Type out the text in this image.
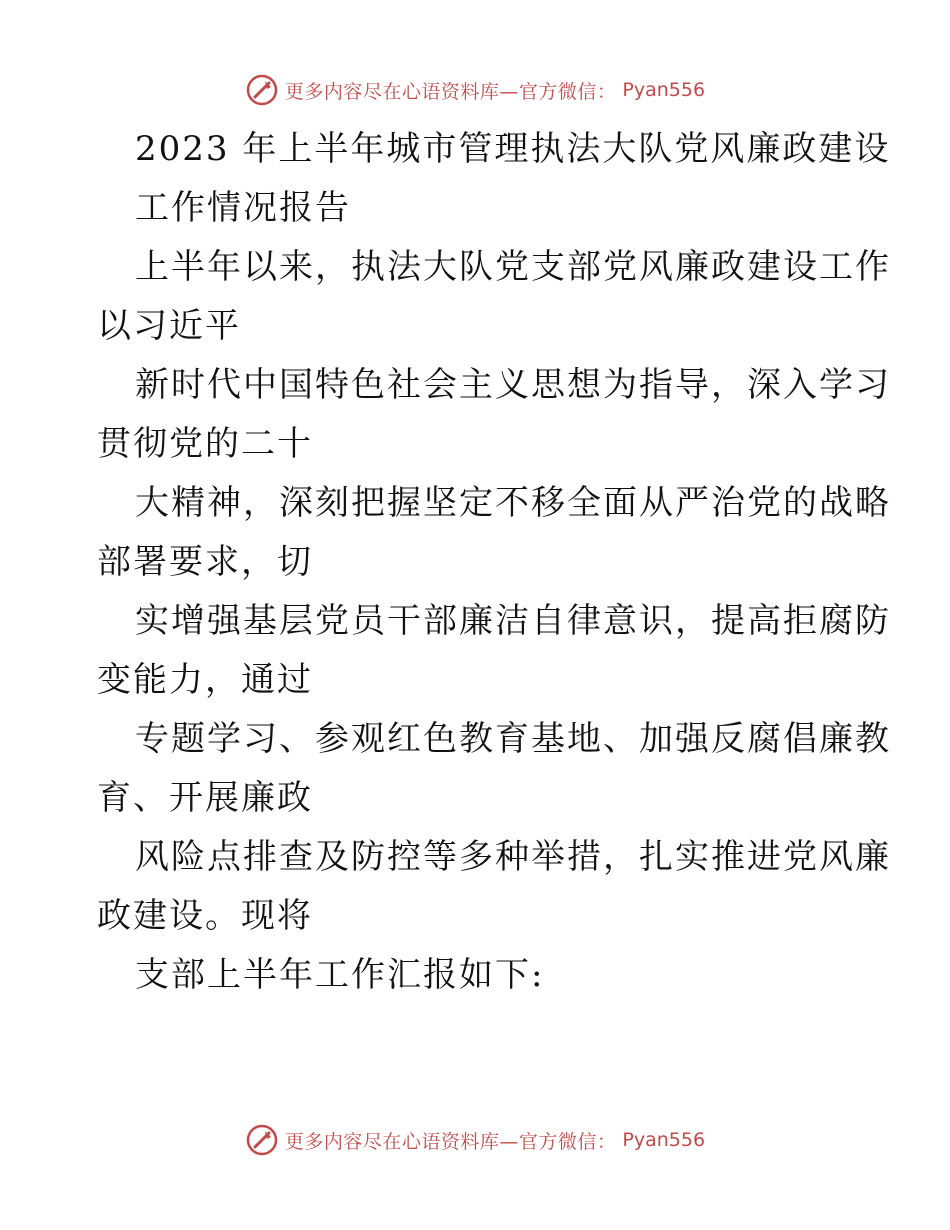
更多内容尽在心语资料库—官方微信： Pyan556
2023 年上半年城市管理执法大队党风廉政建设
工作情况报告
上半年以来，执法大队党支部党风廉政建设工作
以习近平
新时代中国特色社会主义思想为指导，深入学习
贯彻党的二十
大精神，深刻把握坚定不移全面从严治党的战略
部署要求，切
实增强基层党员干部廉洁自律意识，提高拒腐防
变能力，通过
专题学习、参观红色教育基地、加强反腐倡廉教
育、开展廉政
风险点排查及防控等多种举措，扎实推进党风廉
政建设。现将
支部上半年工作汇报如下:
更多内容尽在心语资料库—官方微信： Pyan556
